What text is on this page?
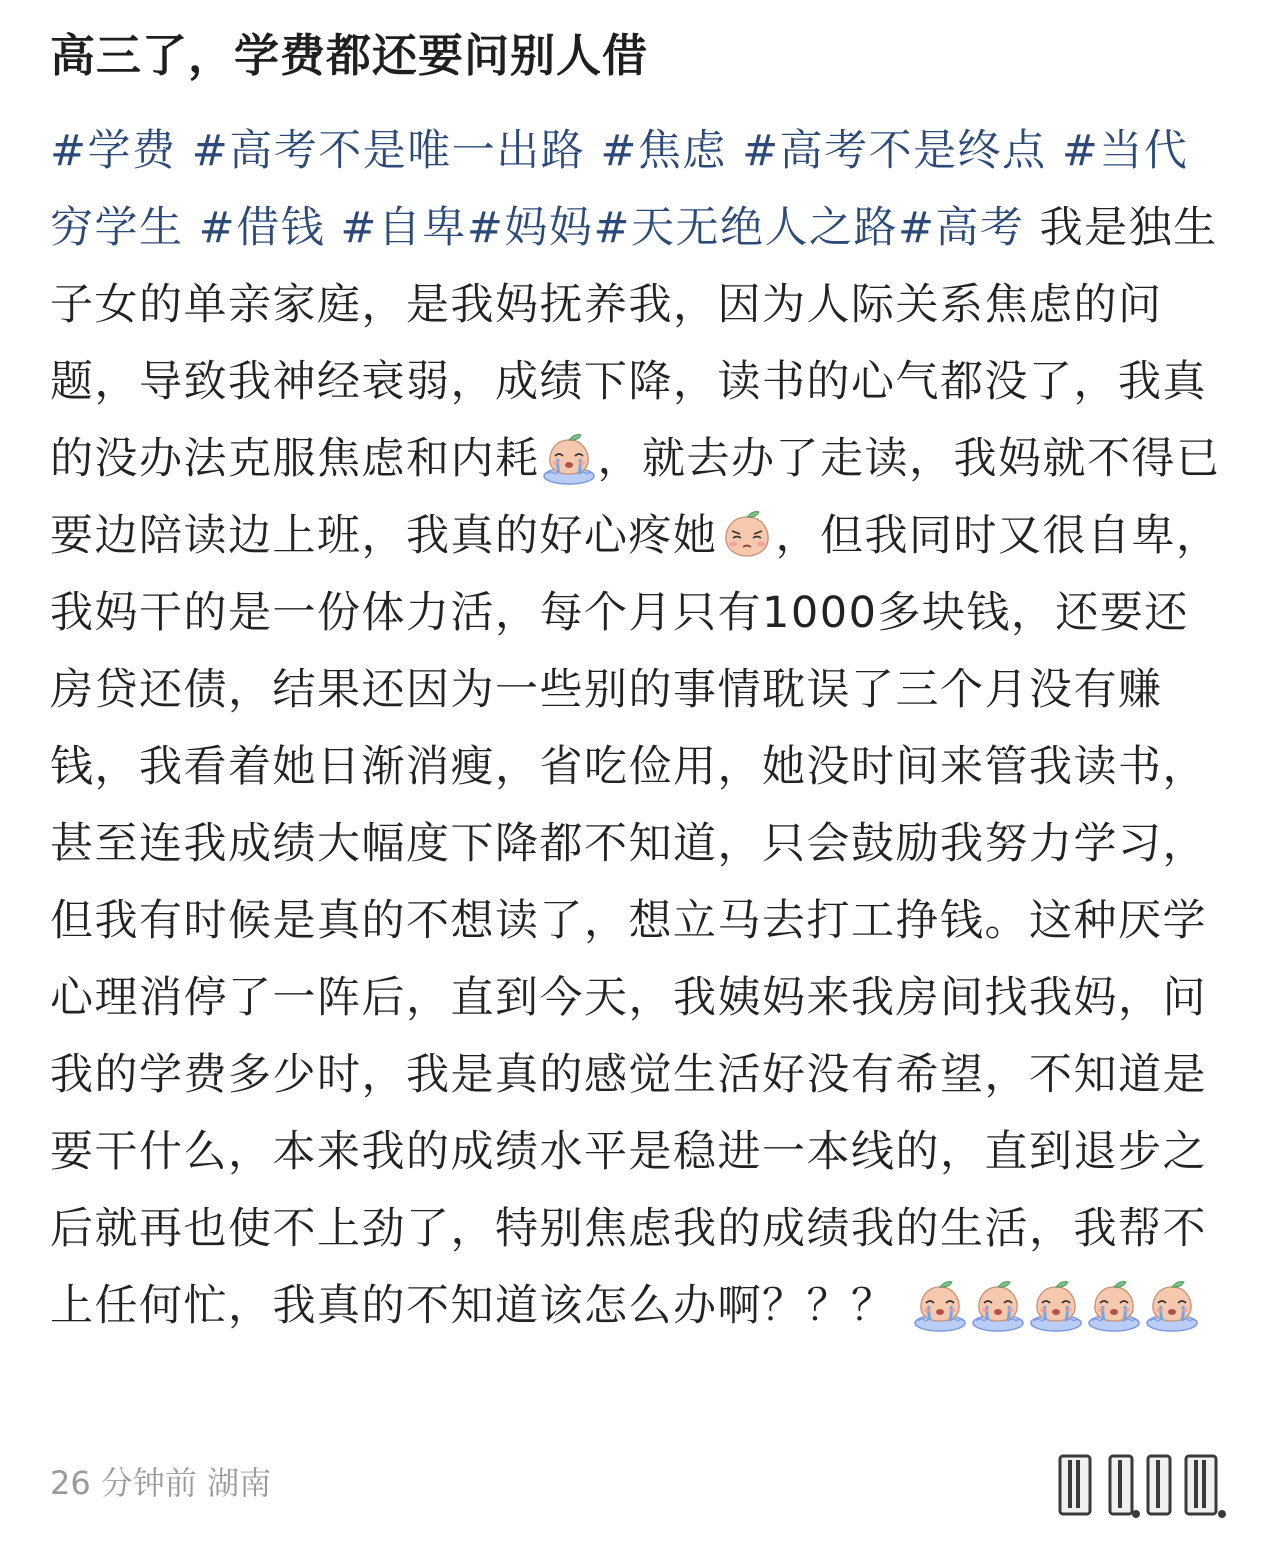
高三了，学费都还要问别人借
#学费 #高考不是唯一出路 #焦虑 #高考不是终点 #当代穷学生 #借钱 #自卑#妈妈#天无绝人之路#高考 我是独生子女的单亲家庭，是我妈抚养我，因为人际关系焦虑的问题，导致我神经衰弱，成绩下降，读书的心气都没了，我真的没办法克服焦虑和内耗 ，就去办了走读，我妈就不得已要边陪读边上班，我真的好心疼她 ，但我同时又很自卑，我妈干的是一份体力活，每个月只有1000多块钱，还要还房贷还债，结果还因为一些别的事情耽误了三个月没有赚钱，我看着她日渐消瘦，省吃俭用，她没时间来管我读书，甚至连我成绩大幅度下降都不知道，只会鼓励我努力学习，但我有时候是真的不想读了，想立马去打工挣钱。这种厌学心理消停了一阵后，直到今天，我姨妈来我房间找我妈，问我的学费多少时，我是真的感觉生活好没有希望，不知道是要干什么，本来我的成绩水平是稳进一本线的，直到退步之后就再也使不上劲了，特别焦虑我的成绩我的生活，我帮不上任何忙，我真的不知道该怎么办啊？？？
26 分钟前 湖南
